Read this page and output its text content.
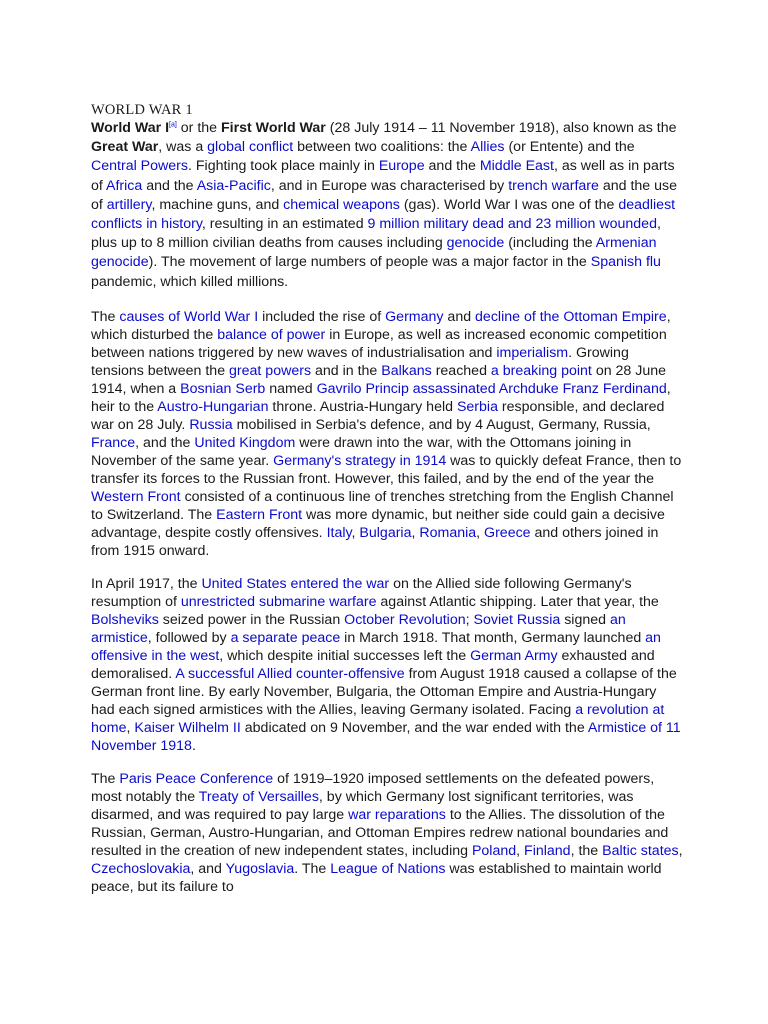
WORLD WAR 1

World War I[a] or the First World War (28 July 1914 – 11 November 1918), also known as the Great War, was a global conflict between two coalitions: the Allies (or Entente) and the Central Powers. Fighting took place mainly in Europe and the Middle East, as well as in parts of Africa and the Asia-Pacific, and in Europe was characterised by trench warfare and the use of artillery, machine guns, and chemical weapons (gas). World War I was one of the deadliest conflicts in history, resulting in an estimated 9 million military dead and 23 million wounded, plus up to 8 million civilian deaths from causes including genocide (including the Armenian genocide). The movement of large numbers of people was a major factor in the Spanish flu pandemic, which killed millions.

The causes of World War I included the rise of Germany and decline of the Ottoman Empire, which disturbed the balance of power in Europe, as well as increased economic competition between nations triggered by new waves of industrialisation and imperialism. Growing tensions between the great powers and in the Balkans reached a breaking point on 28 June 1914, when a Bosnian Serb named Gavrilo Princip assassinated Archduke Franz Ferdinand, heir to the Austro-Hungarian throne. Austria-Hungary held Serbia responsible, and declared war on 28 July. Russia mobilised in Serbia's defence, and by 4 August, Germany, Russia, France, and the United Kingdom were drawn into the war, with the Ottomans joining in November of the same year. Germany's strategy in 1914 was to quickly defeat France, then to transfer its forces to the Russian front. However, this failed, and by the end of the year the Western Front consisted of a continuous line of trenches stretching from the English Channel to Switzerland. The Eastern Front was more dynamic, but neither side could gain a decisive advantage, despite costly offensives. Italy, Bulgaria, Romania, Greece and others joined in from 1915 onward.

In April 1917, the United States entered the war on the Allied side following Germany's resumption of unrestricted submarine warfare against Atlantic shipping. Later that year, the Bolsheviks seized power in the Russian October Revolution; Soviet Russia signed an armistice, followed by a separate peace in March 1918. That month, Germany launched an offensive in the west, which despite initial successes left the German Army exhausted and demoralised. A successful Allied counter-offensive from August 1918 caused a collapse of the German front line. By early November, Bulgaria, the Ottoman Empire and Austria-Hungary had each signed armistices with the Allies, leaving Germany isolated. Facing a revolution at home, Kaiser Wilhelm II abdicated on 9 November, and the war ended with the Armistice of 11 November 1918.

The Paris Peace Conference of 1919–1920 imposed settlements on the defeated powers, most notably the Treaty of Versailles, by which Germany lost significant territories, was disarmed, and was required to pay large war reparations to the Allies. The dissolution of the Russian, German, Austro-Hungarian, and Ottoman Empires redrew national boundaries and resulted in the creation of new independent states, including Poland, Finland, the Baltic states, Czechoslovakia, and Yugoslavia. The League of Nations was established to maintain world peace, but its failure to
